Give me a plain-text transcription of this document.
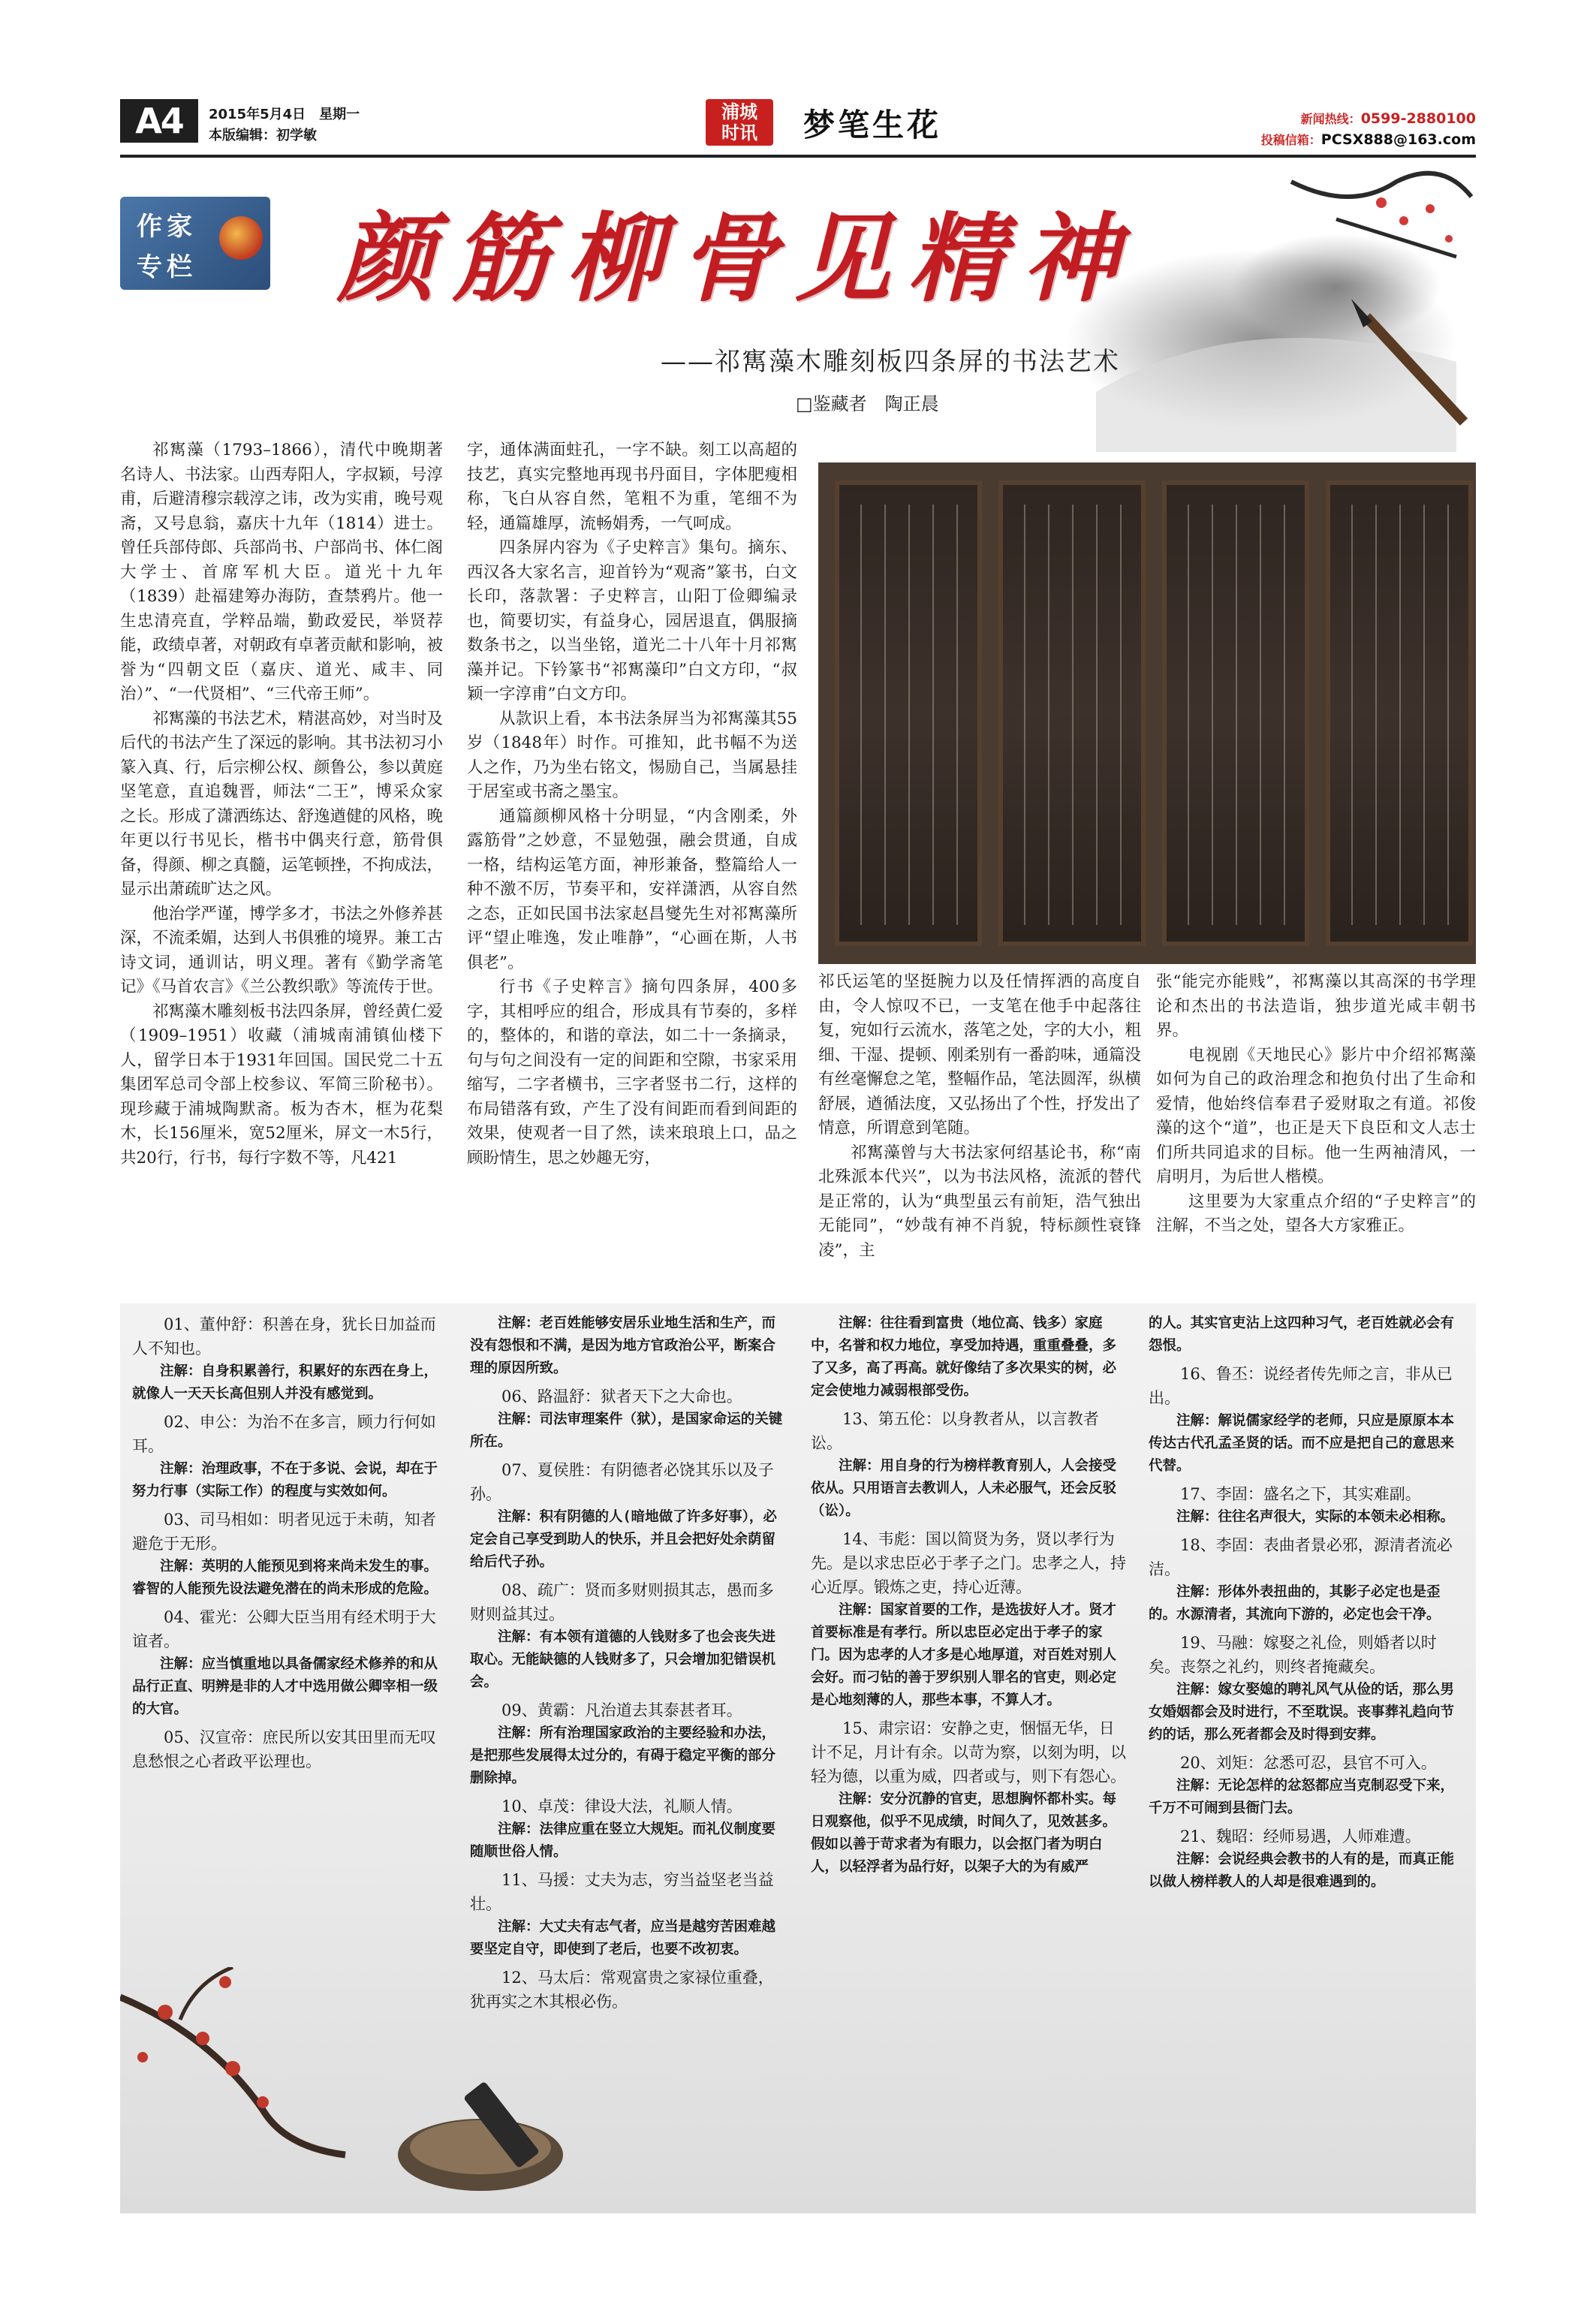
A4	2015年5月4日　星期一
本版编辑：初学敏
浦城
时讯	梦笔生花	新闻热线：0599-2880100
投稿信箱：PCSX888@163.com
作家
专栏 颜筋柳骨见精神
——祁寯藻木雕刻板四条屏的书法艺术
□鉴藏者　陶正晨

祁寯藻（1793–1866），清代中晚期著名诗人、书法家。山西寿阳人，字叔颖，号淳甫，后避清穆宗载淳之讳，改为实甫，晚号观斋，又号息翁，嘉庆十九年（1814）进士。曾任兵部侍郎、兵部尚书、户部尚书、体仁阁大学士、首席军机大臣。道光十九年（1839）赴福建筹办海防，查禁鸦片。他一生忠清亮直，学粹品端，勤政爱民，举贤荐能，政绩卓著，对朝政有卓著贡献和影响，被誉为“四朝文臣（嘉庆、道光、咸丰、同治）”、“一代贤相”、“三代帝王师”。

祁寯藻的书法艺术，精湛高妙，对当时及后代的书法产生了深远的影响。其书法初习小篆入真、行，后宗柳公权、颜鲁公，参以黄庭坚笔意，直追魏晋，师法“二王”，博采众家之长。形成了潇洒练达、舒逸遒健的风格，晚年更以行书见长，楷书中偶夹行意，筋骨俱备，得颜、柳之真髓，运笔顿挫，不拘成法，显示出萧疏旷达之风。

他治学严谨，博学多才，书法之外修养甚深，不流柔媚，达到人书俱雅的境界。兼工古诗文词，通训诂，明义理。著有《勤学斋笔记》《马首农言》《兰公教织歌》等流传于世。

祁寯藻木雕刻板书法四条屏，曾经黄仁爱（1909–1951）收藏（浦城南浦镇仙楼下人，留学日本于1931年回国。国民党二十五集团军总司令部上校参议、军简三阶秘书）。现珍藏于浦城陶默斋。板为杏木，框为花梨木，长156厘米，宽52厘米，屏文一木5行，共20行，行书，每行字数不等，凡421

字，通体满面蛀孔，一字不缺。刻工以高超的技艺，真实完整地再现书丹面目，字体肥瘦相称，飞白从容自然，笔粗不为重，笔细不为轻，通篇雄厚，流畅娟秀，一气呵成。

四条屏内容为《子史粹言》集句。摘东、西汉各大家名言，迎首钤为“观斋”篆书，白文长印，落款署：子史粹言，山阳丁俭卿编录也，简要切实，有益身心，园居退直，偶服摘数条书之，以当坐铭，道光二十八年十月祁寯藻并记。下钤篆书“祁寯藻印”白文方印，“叔颖一字淳甫”白文方印。

从款识上看，本书法条屏当为祁寯藻其55岁（1848年）时作。可推知，此书幅不为送人之作，乃为坐右铭文，惕励自己，当属悬挂于居室或书斋之墨宝。

通篇颜柳风格十分明显，“内含刚柔，外露筋骨”之妙意，不显勉强，融会贯通，自成一格，结构运笔方面，神形兼备，整篇给人一种不激不厉，节奏平和，安祥潇洒，从容自然之态，正如民国书法家赵昌燮先生对祁寯藻所评“望止唯逸，发止唯静”，“心画在斯，人书俱老”。

行书《子史粹言》摘句四条屏，400多字，其相呼应的组合，形成具有节奏的，多样的，整体的，和谐的章法，如二十一条摘录，句与句之间没有一定的间距和空隙，书家采用缩写，二字者横书，三字者竖书二行，这样的布局错落有致，产生了没有间距而看到间距的效果，使观者一目了然，读来琅琅上口，品之顾盼情生，思之妙趣无穷，

祁氏运笔的坚挺腕力以及任情挥洒的高度自由，令人惊叹不已，一支笔在他手中起落往复，宛如行云流水，落笔之处，字的大小，粗细、干湿、提顿、刚柔别有一番韵味，通篇没有丝毫懈怠之笔，整幅作品，笔法圆浑，纵横舒展，遒循法度，又弘扬出了个性，抒发出了情意，所谓意到笔随。

祁寯藻曾与大书法家何绍基论书，称“南北殊派本代兴”，以为书法风格，流派的替代是正常的，认为“典型虽云有前矩，浩气独出无能同”，“妙哉有神不肖貌，特标颜性衰锋凌”，主

张“能完亦能贱”，祁寯藻以其高深的书学理论和杰出的书法造诣，独步道光咸丰朝书界。

电视剧《天地民心》影片中介绍祁寯藻如何为自己的政治理念和抱负付出了生命和爱情，他始终信奉君子爱财取之有道。祁俊藻的这个“道”，也正是天下良臣和文人志士们所共同追求的目标。他一生两袖清风，一肩明月，为后世人楷模。

这里要为大家重点介绍的“子史粹言”的注解，不当之处，望各大方家雅正。

01、董仲舒：积善在身，犹长日加益而人不知也。

注解：自身积累善行，积累好的东西在身上，就像人一天天长高但别人并没有感觉到。

02、申公：为治不在多言，顾力行何如耳。

注解：治理政事，不在于多说、会说，却在于努力行事（实际工作）的程度与实效如何。

03、司马相如：明者见远于未萌，知者避危于无形。

注解：英明的人能预见到将来尚未发生的事。睿智的人能预先设法避免潜在的尚未形成的危险。

04、霍光：公卿大臣当用有经术明于大谊者。

注解：应当慎重地以具备儒家经术修养的和从品行正直、明辨是非的人才中选用做公卿宰相一级的大官。

05、汉宣帝：庶民所以安其田里而无叹息愁恨之心者政平讼理也。

注解：老百姓能够安居乐业地生活和生产，而没有怨恨和不满，是因为地方官政治公平，断案合理的原因所致。

06、路温舒：狱者天下之大命也。

注解：司法审理案件（狱），是国家命运的关键所在。

07、夏侯胜：有阴德者必饶其乐以及子孙。

注解：积有阴德的人(暗地做了许多好事），必定会自己享受到助人的快乐，并且会把好处余荫留给后代子孙。

08、疏广：贤而多财则损其志，愚而多财则益其过。

注解：有本领有道德的人钱财多了也会丧失进取心。无能缺德的人钱财多了，只会增加犯错误机会。

09、黄霸：凡治道去其泰甚者耳。

注解：所有治理国家政治的主要经验和办法，是把那些发展得太过分的，有碍于稳定平衡的部分删除掉。

10、卓茂：律设大法，礼顺人情。

注解：法律应重在竖立大规矩。而礼仪制度要随顺世俗人情。

11、马援：丈夫为志，穷当益坚老当益壮。

注解：大丈夫有志气者，应当是越穷苦困难越要坚定自守，即使到了老后，也要不改初衷。

12、马太后：常观富贵之家禄位重叠，犹再实之木其根必伤。

注解：往往看到富贵（地位高、钱多）家庭中，名誉和权力地位，享受加持遇，重重叠叠，多了又多，高了再高。就好像结了多次果实的树，必定会使地力减弱根部受伤。

13、第五伦：以身教者从，以言教者讼。

注解：用自身的行为榜样教育别人，人会接受依从。只用语言去教训人，人未必服气，还会反驳（讼）。

14、韦彪：国以简贤为务，贤以孝行为先。是以求忠臣必于孝子之门。忠孝之人，持心近厚。锻炼之吏，持心近薄。

注解：国家首要的工作，是选拔好人才。贤才首要标准是有孝行。所以忠臣必定出于孝子的家门。因为忠孝的人才多是心地厚道，对百姓对别人会好。而刁钻的善于罗织别人罪名的官吏，则必定是心地刻薄的人，那些本事，不算人才。

15、肃宗诏：安静之吏，悃愊无华，日计不足，月计有余。以苛为察，以刻为明，以轻为德，以重为威，四者或与，则下有怨心。

注解：安分沉静的官吏，思想胸怀都朴实。每日观察他，似乎不见成绩，时间久了，见效甚多。假如以善于苛求者为有眼力，以会抠门者为明白人，以轻浮者为品行好，以架子大的为有威严

的人。其实官吏沾上这四种习气，老百姓就必会有怨恨。

16、鲁丕：说经者传先师之言，非从已出。

注解：解说儒家经学的老师，只应是原原本本传达古代孔孟圣贤的话。而不应是把自己的意思来代替。

17、李固：盛名之下，其实难副。

注解：往往名声很大，实际的本领未必相称。

18、李固：表曲者景必邪，源清者流必洁。

注解：形体外表扭曲的，其影子必定也是歪的。水源清者，其流向下游的，必定也会干净。

19、马融：嫁娶之礼俭，则婚者以时矣。丧祭之礼约，则终者掩藏矣。

注解：嫁女娶媳的聘礼风气从俭的话，那么男女婚姻都会及时进行，不至耽误。丧事葬礼趋向节约的话，那么死者都会及时得到安葬。

20、刘矩：忿悉可忍，县官不可入。

注解：无论怎样的忿怒都应当克制忍受下来，千万不可闹到县衙门去。

21、魏昭：经师易遇，人师难遭。

注解：会说经典会教书的人有的是，而真正能以做人榜样教人的人却是很难遇到的。
